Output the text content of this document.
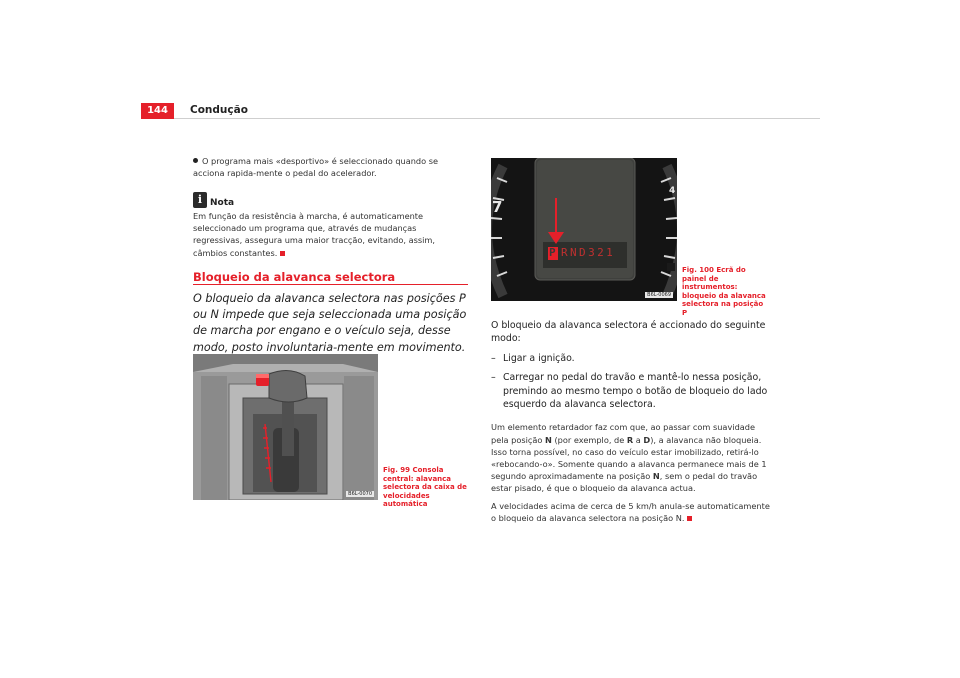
144	Condução

O programa mais «desportivo» é seleccionado quando se acciona rapida-mente o pedal do acelerador.

i Nota

Em função da resistência à marcha, é automaticamente seleccionado um programa que, através de mudanças regressivas, assegura uma maior tracção, evitando, assim, câmbios constantes.

Bloqueio da alavanca selectora

O bloqueio da alavanca selectora nas posições P ou N impede que seja seleccionada uma posição de marcha por engano e o veículo seja, desse modo, posto involuntaria-mente em movimento.

B6L-0070

Fig. 99 Consola central: alavanca selectora da caixa de velocidades automática

7
4
P RND321
B6L-0069

Fig. 100 Ecrã do painel de instrumentos: bloqueio da alavanca selectora na posição P

O bloqueio da alavanca selectora é accionado do seguinte modo:

– Ligar a ignição.
– Carregar no pedal do travão e mantê-lo nessa posição, premindo ao mesmo tempo o botão de bloqueio do lado esquerdo da alavanca selectora.

Um elemento retardador faz com que, ao passar com suavidade pela posição N (por exemplo, de R a D), a alavanca não bloqueia. Isso torna possível, no caso do veículo estar imobilizado, retirá-lo «rebocando-o». Somente quando a alavanca permanece mais de 1 segundo aproximadamente na posição N, sem o pedal do travão estar pisado, é que o bloqueio da alavanca actua.

A velocidades acima de cerca de 5 km/h anula-se automaticamente o bloqueio da alavanca selectora na posição N.
